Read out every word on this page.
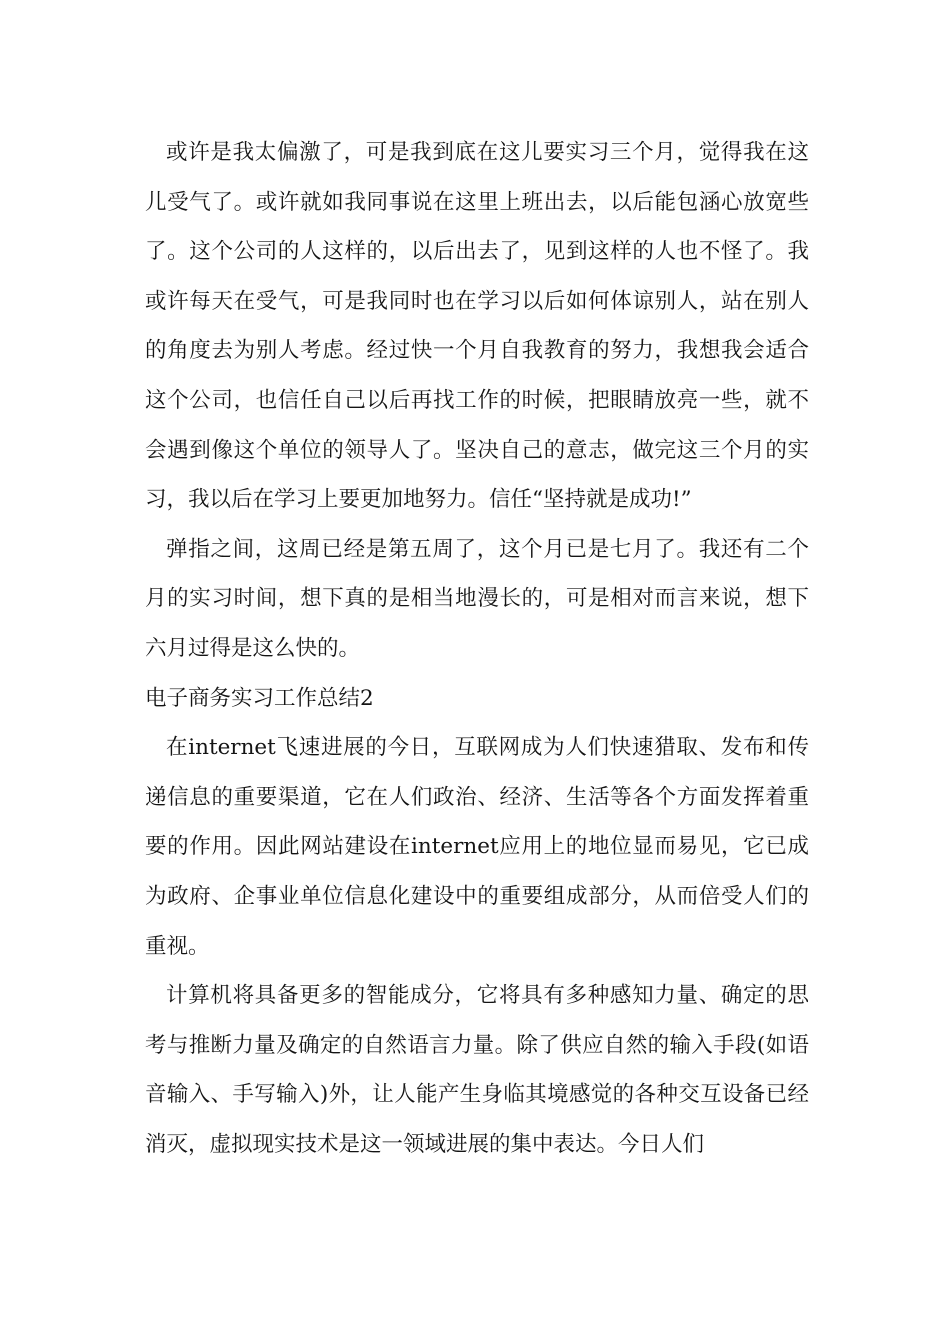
或许是我太偏激了，可是我到底在这儿要实习三个月，觉得我在这儿受气了。或许就如我同事说在这里上班出去，以后能包涵心放宽些了。这个公司的人这样的，以后出去了，见到这样的人也不怪了。我或许每天在受气，可是我同时也在学习以后如何体谅别人，站在别人的角度去为别人考虑。经过快一个月自我教育的努力，我想我会适合这个公司，也信任自己以后再找工作的时候，把眼睛放亮一些，就不会遇到像这个单位的领导人了。坚决自己的意志，做完这三个月的实习，我以后在学习上要更加地努力。信任“坚持就是成功!”

弹指之间，这周已经是第五周了，这个月已是七月了。我还有二个月的实习时间，想下真的是相当地漫长的，可是相对而言来说，想下六月过得是这么快的。

电子商务实习工作总结2

在internet飞速进展的今日，互联网成为人们快速猎取、发布和传递信息的重要渠道，它在人们政治、经济、生活等各个方面发挥着重要的作用。因此网站建设在internet应用上的地位显而易见，它已成为政府、企事业单位信息化建设中的重要组成部分，从而倍受人们的重视。

计算机将具备更多的智能成分，它将具有多种感知力量、确定的思考与推断力量及确定的自然语言力量。除了供应自然的输入手段(如语音输入、手写输入)外，让人能产生身临其境感觉的各种交互设备已经消灭，虚拟现实技术是这一领域进展的集中表达。今日人们
